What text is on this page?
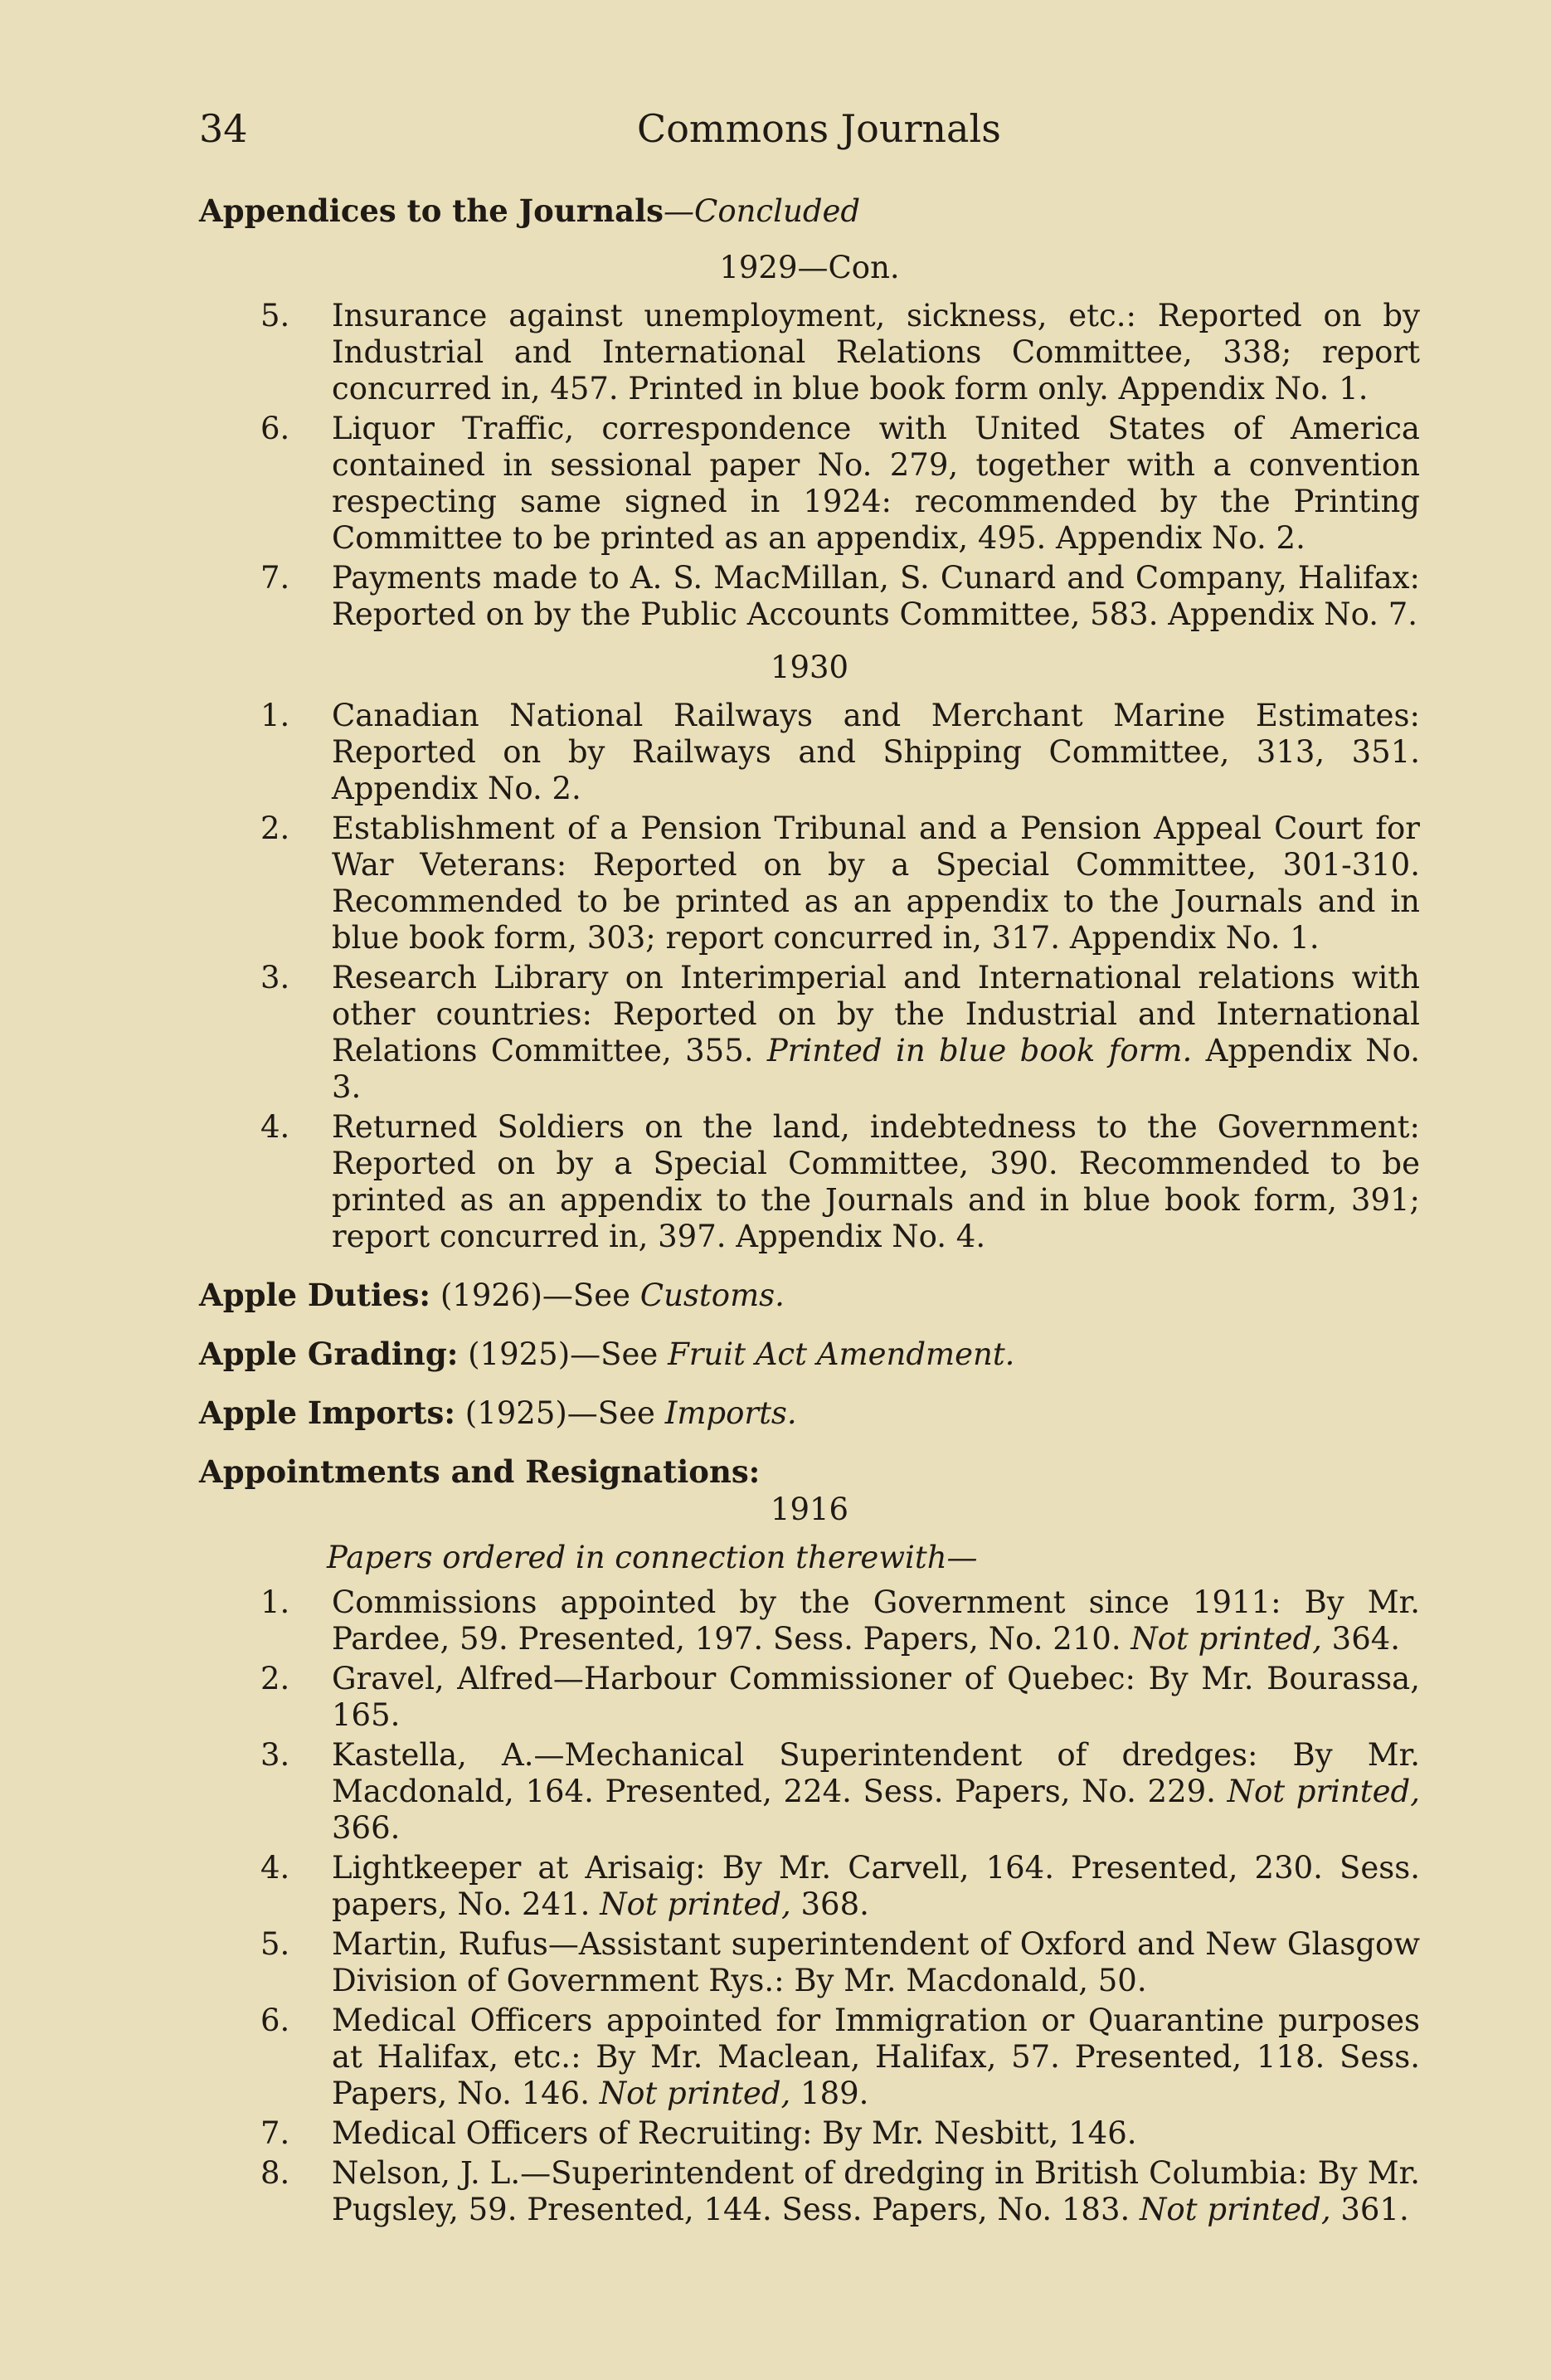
34	Commons Journals

Appendices to the Journals—Concluded

1929—Con.
5. Insurance against unemployment, sickness, etc.: Reported on by Industrial and International Relations Committee, 338; report concurred in, 457. Printed in blue book form only. Appendix No. 1.
6. Liquor Traffic, correspondence with United States of America contained in sessional paper No. 279, together with a convention respecting same signed in 1924: recommended by the Printing Committee to be printed as an appendix, 495. Appendix No. 2.
7. Payments made to A. S. MacMillan, S. Cunard and Company, Halifax: Reported on by the Public Accounts Committee, 583. Appendix No. 7.
1930
1. Canadian National Railways and Merchant Marine Estimates: Reported on by Railways and Shipping Committee, 313, 351. Appendix No. 2.
2. Establishment of a Pension Tribunal and a Pension Appeal Court for War Veterans: Reported on by a Special Committee, 301-310. Recommended to be printed as an appendix to the Journals and in blue book form, 303; report concurred in, 317. Appendix No. 1.
3. Research Library on Interimperial and International relations with other countries: Reported on by the Industrial and International Relations Committee, 355. Printed in blue book form. Appendix No. 3.
4. Returned Soldiers on the land, indebtedness to the Government: Reported on by a Special Committee, 390. Recommended to be printed as an appendix to the Journals and in blue book form, 391; report concurred in, 397. Appendix No. 4.

Apple Duties: (1926)—See Customs.

Apple Grading: (1925)—See Fruit Act Amendment.

Apple Imports: (1925)—See Imports.

Appointments and Resignations:

1916
Papers ordered in connection therewith—
1. Commissions appointed by the Government since 1911: By Mr. Pardee, 59. Presented, 197. Sess. Papers, No. 210. Not printed, 364.
2. Gravel, Alfred—Harbour Commissioner of Quebec: By Mr. Bourassa, 165.
3. Kastella, A.—Mechanical Superintendent of dredges: By Mr. Macdonald, 164. Presented, 224. Sess. Papers, No. 229. Not printed, 366.
4. Lightkeeper at Arisaig: By Mr. Carvell, 164. Presented, 230. Sess. papers, No. 241. Not printed, 368.
5. Martin, Rufus—Assistant superintendent of Oxford and New Glasgow Division of Government Rys.: By Mr. Macdonald, 50.
6. Medical Officers appointed for Immigration or Quarantine purposes at Halifax, etc.: By Mr. Maclean, Halifax, 57. Presented, 118. Sess. Papers, No. 146. Not printed, 189.
7. Medical Officers of Recruiting: By Mr. Nesbitt, 146.
8. Nelson, J. L.—Superintendent of dredging in British Columbia: By Mr. Pugsley, 59. Presented, 144. Sess. Papers, No. 183. Not printed, 361.
